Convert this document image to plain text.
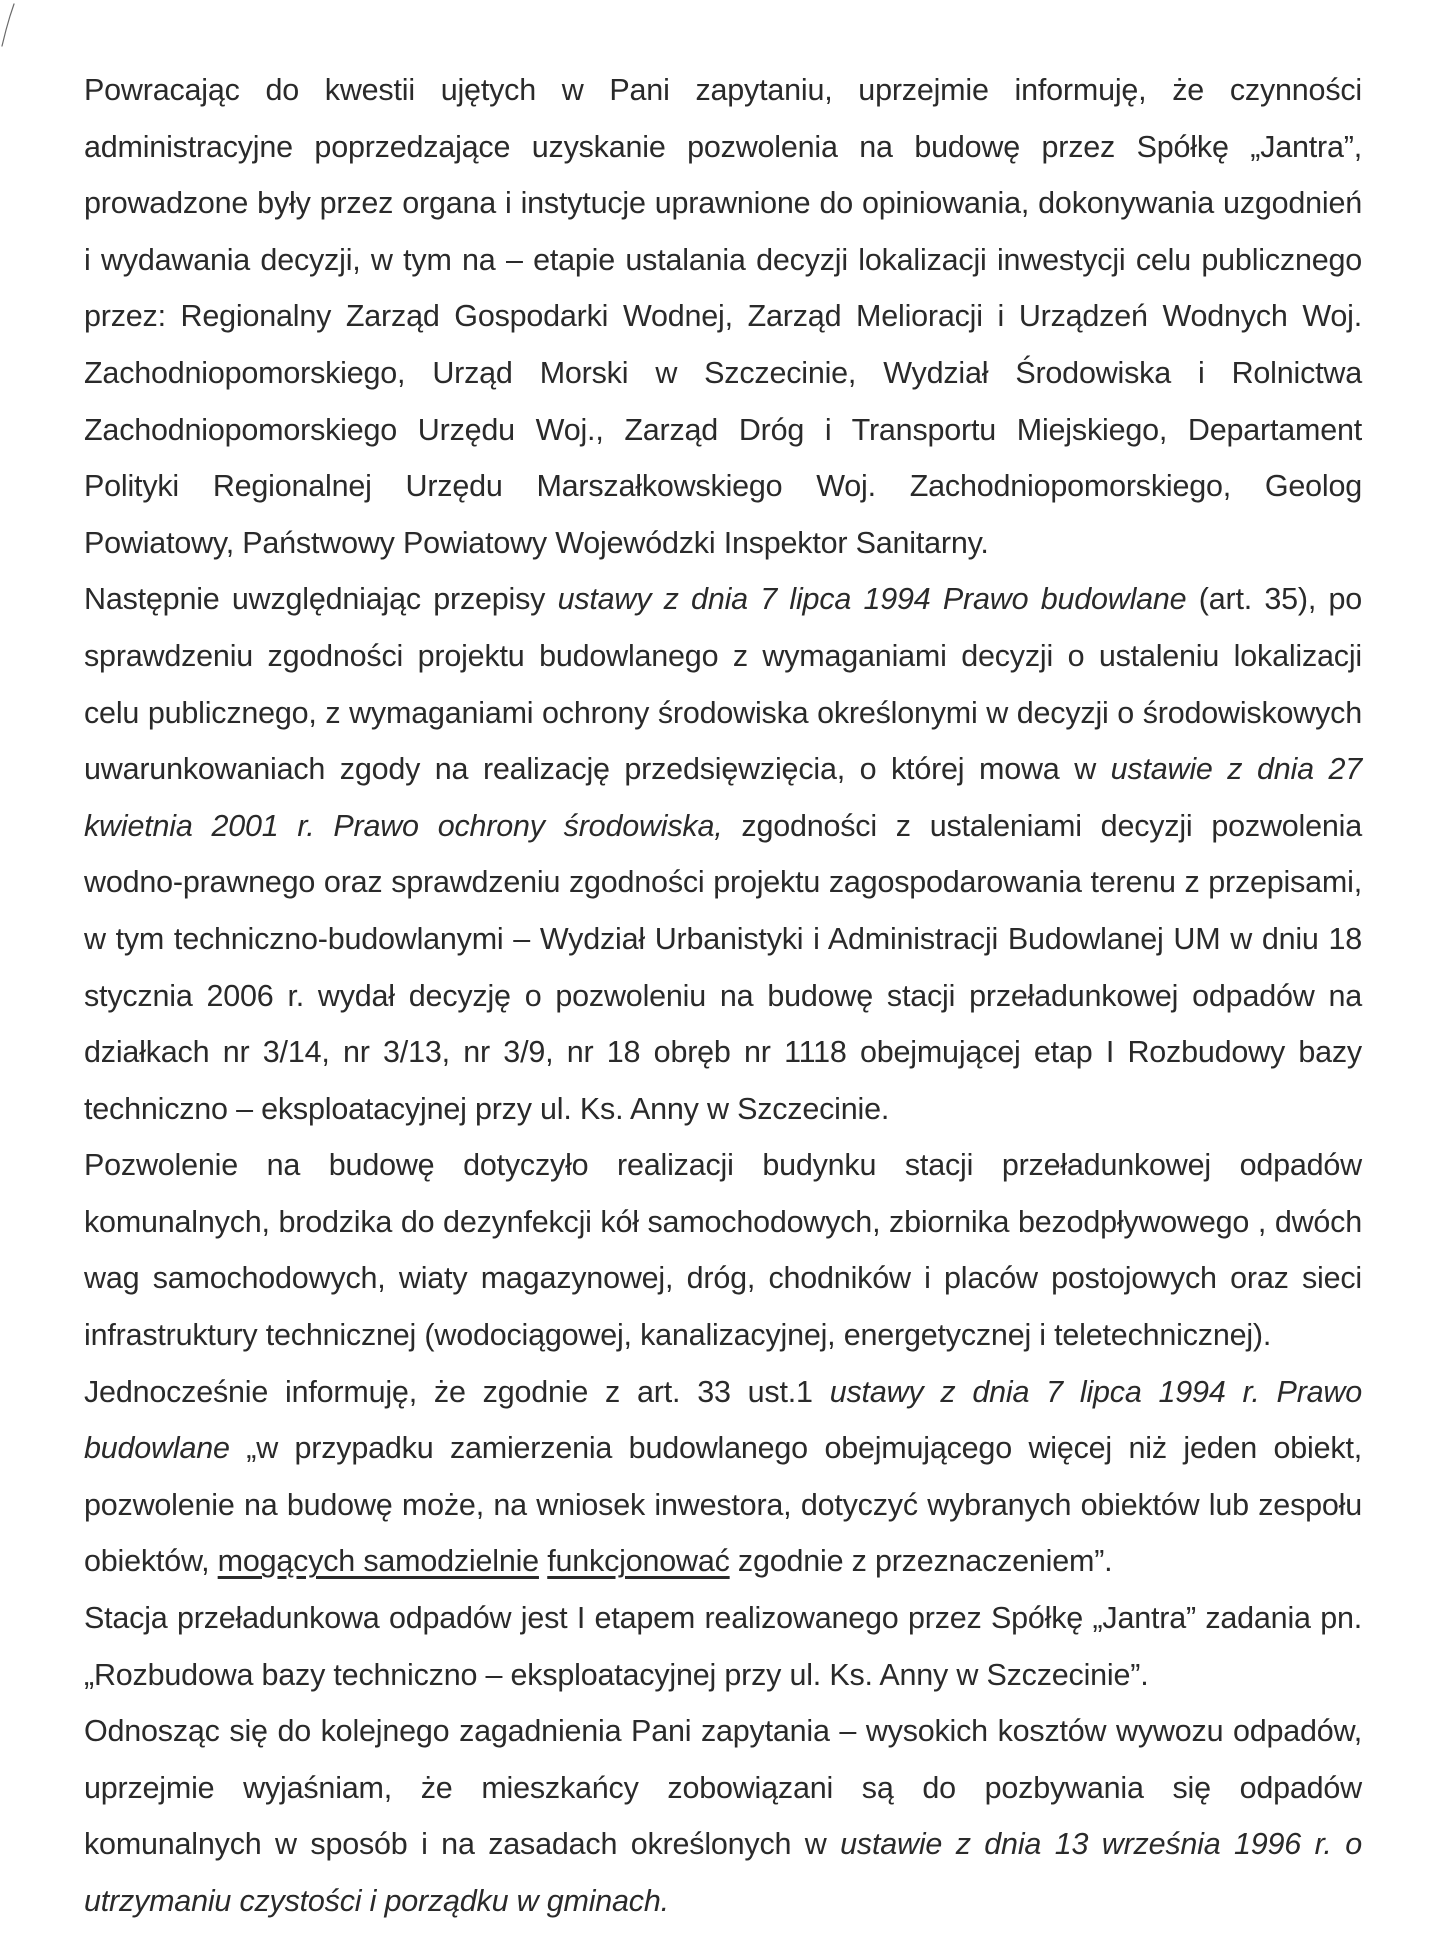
Powracając do kwestii ujętych w Pani zapytaniu, uprzejmie informuję, że czynności administracyjne poprzedzające uzyskanie pozwolenia na budowę przez Spółkę „Jantra”, prowadzone były przez organa i instytucje uprawnione do opiniowania, dokonywania uzgodnień i wydawania decyzji, w tym na – etapie ustalania decyzji lokalizacji inwestycji celu publicznego przez: Regionalny Zarząd Gospodarki Wodnej, Zarząd Melioracji i Urządzeń Wodnych Woj. Zachodniopomorskiego, Urząd Morski w Szczecinie, Wydział Środowiska i Rolnictwa Zachodniopomorskiego Urzędu Woj., Zarząd Dróg i Transportu Miejskiego, Departament Polityki Regionalnej Urzędu Marszałkowskiego Woj. Zachodniopomorskiego, Geolog Powiatowy, Państwowy Powiatowy Wojewódzki Inspektor Sanitarny.

Następnie uwzględniając przepisy ustawy z dnia 7 lipca 1994 Prawo budowlane (art. 35), po sprawdzeniu zgodności projektu budowlanego z wymaganiami decyzji o ustaleniu lokalizacji celu publicznego, z wymaganiami ochrony środowiska określonymi w decyzji o środowiskowych uwarunkowaniach zgody na realizację przedsięwzięcia, o której mowa w ustawie z dnia 27 kwietnia 2001 r. Prawo ochrony środowiska, zgodności z ustaleniami decyzji pozwolenia wodno-prawnego oraz sprawdzeniu zgodności projektu zagospodarowania terenu z przepisami, w tym techniczno-budowlanymi – Wydział Urbanistyki i Administracji Budowlanej UM w dniu 18 stycznia 2006 r. wydał decyzję o pozwoleniu na budowę stacji przeładunkowej odpadów na działkach nr 3/14, nr 3/13, nr 3/9, nr 18 obręb nr 1118 obejmującej etap I Rozbudowy bazy techniczno – eksploatacyjnej przy ul. Ks. Anny w Szczecinie.

Pozwolenie na budowę dotyczyło realizacji budynku stacji przeładunkowej odpadów komunalnych, brodzika do dezynfekcji kół samochodowych, zbiornika bezodpływowego , dwóch wag samochodowych, wiaty magazynowej, dróg, chodników i placów postojowych oraz sieci infrastruktury technicznej (wodociągowej, kanalizacyjnej, energetycznej i teletechnicznej).

Jednocześnie informuję, że zgodnie z art. 33 ust.1 ustawy z dnia 7 lipca 1994 r. Prawo budowlane „w przypadku zamierzenia budowlanego obejmującego więcej niż jeden obiekt, pozwolenie na budowę może, na wniosek inwestora, dotyczyć wybranych obiektów lub zespołu obiektów, mogących samodzielnie funkcjonować zgodnie z przeznaczeniem”.

Stacja przeładunkowa odpadów jest I etapem realizowanego przez Spółkę „Jantra” zadania pn. „Rozbudowa bazy techniczno – eksploatacyjnej przy ul. Ks. Anny w Szczecinie”.

Odnosząc się do kolejnego zagadnienia Pani zapytania – wysokich kosztów wywozu odpadów, uprzejmie wyjaśniam, że mieszkańcy zobowiązani są do pozbywania się odpadów komunalnych w sposób i na zasadach określonych w ustawie z dnia 13 września 1996 r. o utrzymaniu czystości i porządku w gminach.
